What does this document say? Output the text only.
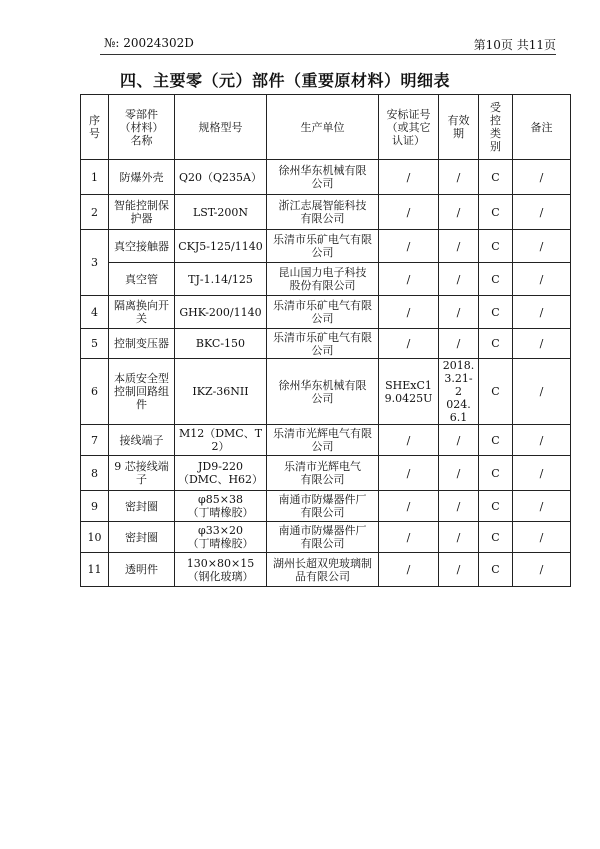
№: 20024302D	第10页 共11页
四、主要零（元）部件（重要原材料）明细表
序
号	零部件
（材料）
名称	规格型号	生产单位	安标证号
（或其它
认证）	有效
期	受
控
类
别	备注
1	防爆外壳	Q20（Q235A）	徐州华东机械有限
公司	/	/	C	/
2	智能控制保
护器	LST-200N	浙江志展智能科技
有限公司	/	/	C	/
3	真空接触器	CKJ5-125/1140	乐清市乐矿电气有限
公司	/	/	C	/
	真空管	TJ-1.14/125	昆山国力电子科技
股份有限公司	/	/	C	/
4	隔离换向开
关	GHK-200/1140	乐清市乐矿电气有限
公司	/	/	C	/
5	控制变压器	BKC-150	乐清市乐矿电气有限
公司	/	/	C	/
6	本质安全型
控制回路组
件	IKZ-36NII	徐州华东机械有限
公司	SHExC1
9.0425U	2018.
3.21-2
024.
6.1	C	/
7	接线端子	M12（DMC、T2）	乐清市光辉电气有限
公司	/	/	C	/
8	9 芯接线端
子	JD9-220
（DMC、H62）	乐清市光辉电气
有限公司	/	/	C	/
9	密封圈	φ85×38
（丁晴橡胶）	南通市防爆器件厂
有限公司	/	/	C	/
10	密封圈	φ33×20
（丁晴橡胶）	南通市防爆器件厂
有限公司	/	/	C	/
11	透明件	130×80×15
（钢化玻璃）	湖州长超双兜玻璃制
品有限公司	/	/	C	/
